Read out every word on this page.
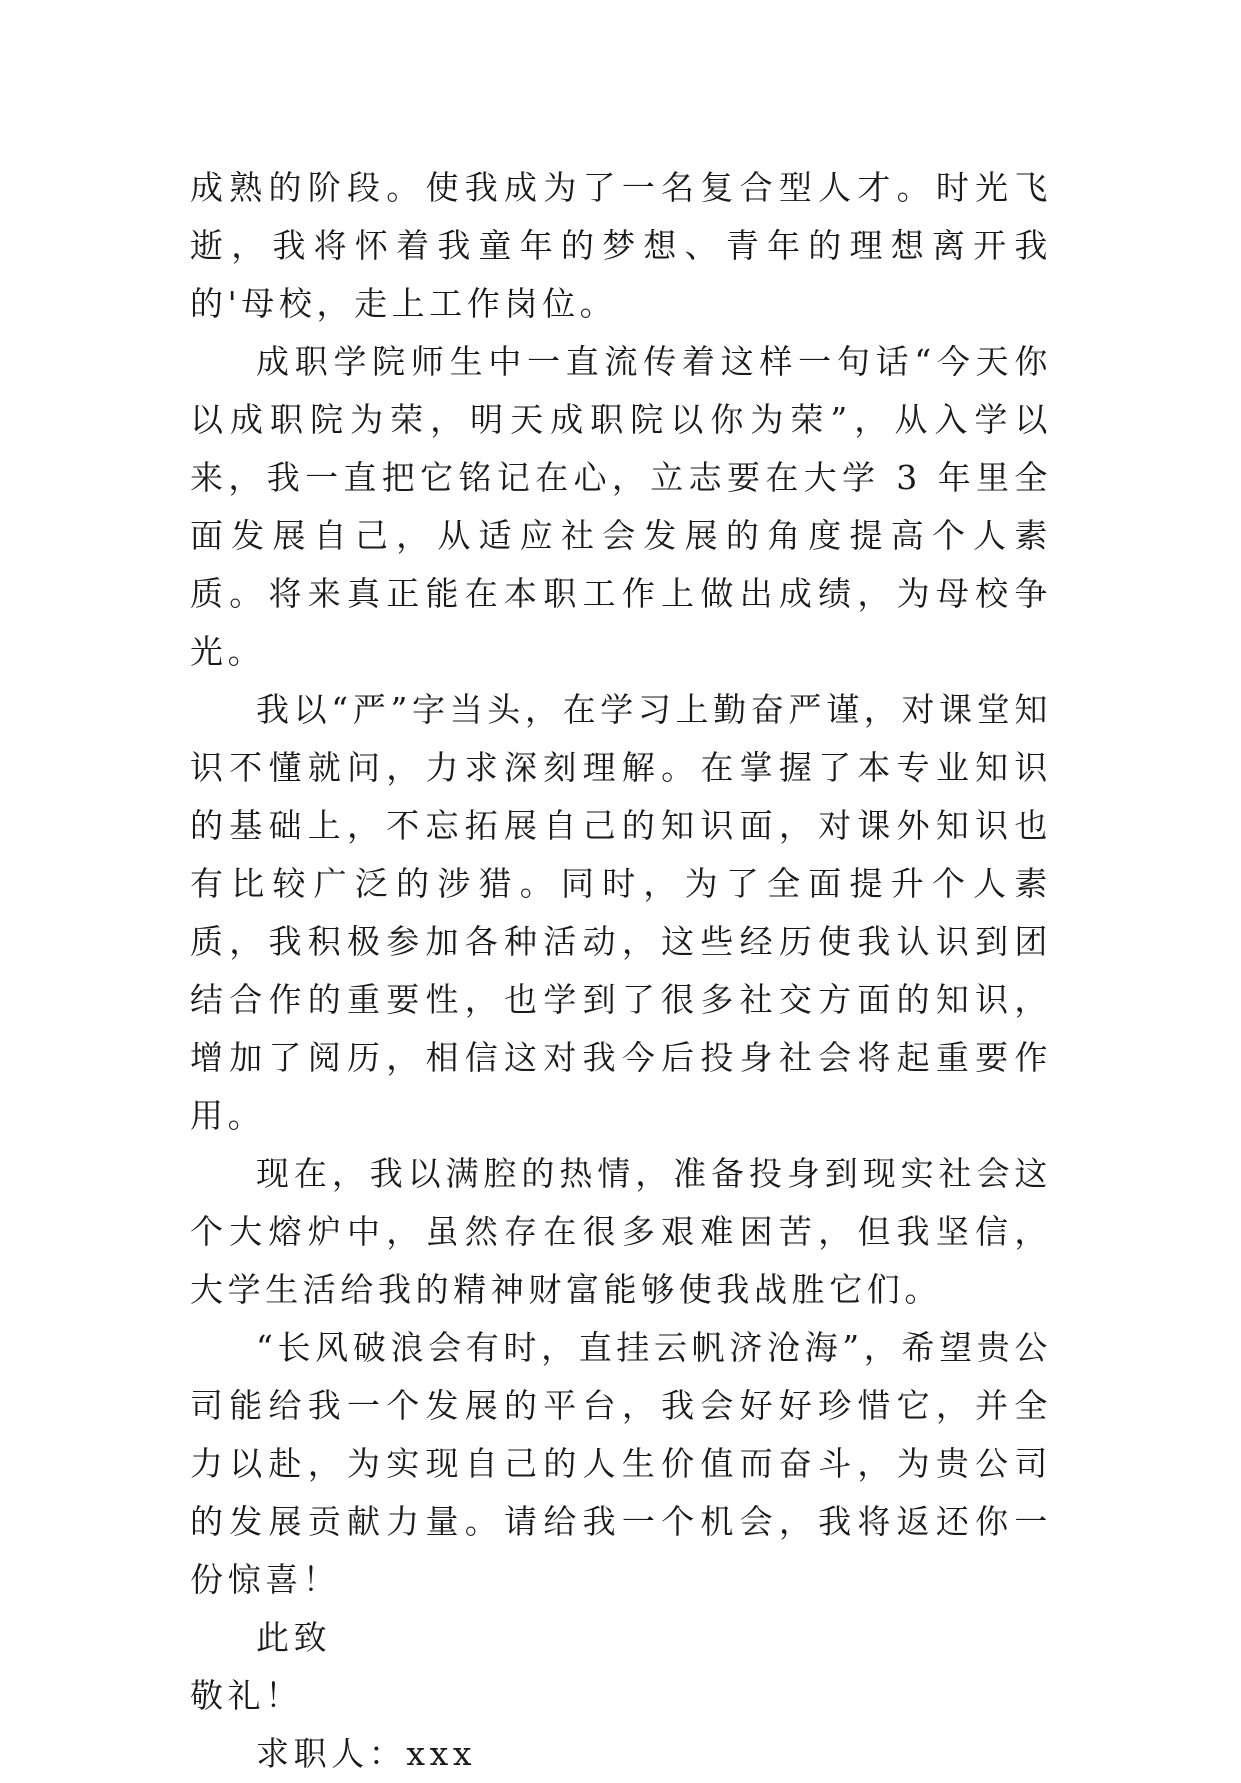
成熟的阶段。使我成为了一名复合型人才。时光飞逝，我将怀着我童年的梦想、青年的理想离开我的'母校，走上工作岗位。

成职学院师生中一直流传着这样一句话“今天你以成职院为荣，明天成职院以你为荣”，从入学以来，我一直把它铭记在心，立志要在大学 3 年里全面发展自己，从适应社会发展的角度提高个人素质。将来真正能在本职工作上做出成绩，为母校争光。

我以“严”字当头，在学习上勤奋严谨，对课堂知识不懂就问，力求深刻理解。在掌握了本专业知识的基础上，不忘拓展自己的知识面，对课外知识也有比较广泛的涉猎。同时，为了全面提升个人素质，我积极参加各种活动，这些经历使我认识到团结合作的重要性，也学到了很多社交方面的知识，增加了阅历，相信这对我今后投身社会将起重要作用。

现在，我以满腔的热情，准备投身到现实社会这个大熔炉中，虽然存在很多艰难困苦，但我坚信，大学生活给我的精神财富能够使我战胜它们。

“长风破浪会有时，直挂云帆济沧海”，希望贵公司能给我一个发展的平台，我会好好珍惜它，并全力以赴，为实现自己的人生价值而奋斗，为贵公司的发展贡献力量。请给我一个机会，我将返还你一份惊喜！

此致

敬礼！

求职人：xxx
